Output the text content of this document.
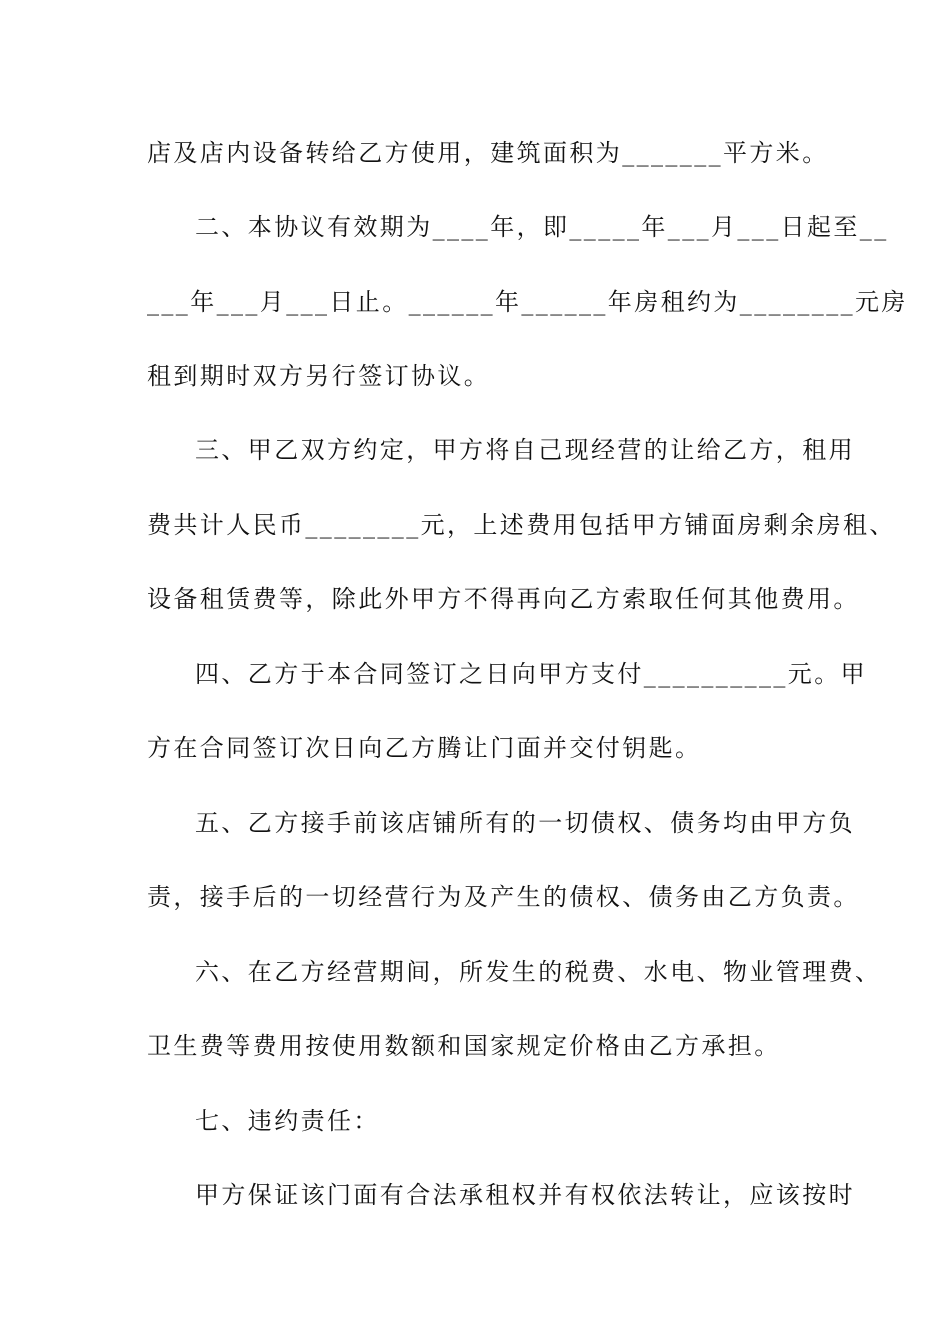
店及店内设备转给乙方使用，建筑面积为_______平方米。
二、本协议有效期为____年，即_____年___月___日起至__
___年___月___日止。______年______年房租约为________元房
租到期时双方另行签订协议。
三、甲乙双方约定，甲方将自己现经营的让给乙方，租用
费共计人民币________元，上述费用包括甲方铺面房剩余房租、
设备租赁费等，除此外甲方不得再向乙方索取任何其他费用。
四、乙方于本合同签订之日向甲方支付__________元。甲
方在合同签订次日向乙方腾让门面并交付钥匙。
五、乙方接手前该店铺所有的一切债权、债务均由甲方负
责，接手后的一切经营行为及产生的债权、债务由乙方负责。
六、在乙方经营期间，所发生的税费、水电、物业管理费、
卫生费等费用按使用数额和国家规定价格由乙方承担。
七、违约责任：
甲方保证该门面有合法承租权并有权依法转让，应该按时
